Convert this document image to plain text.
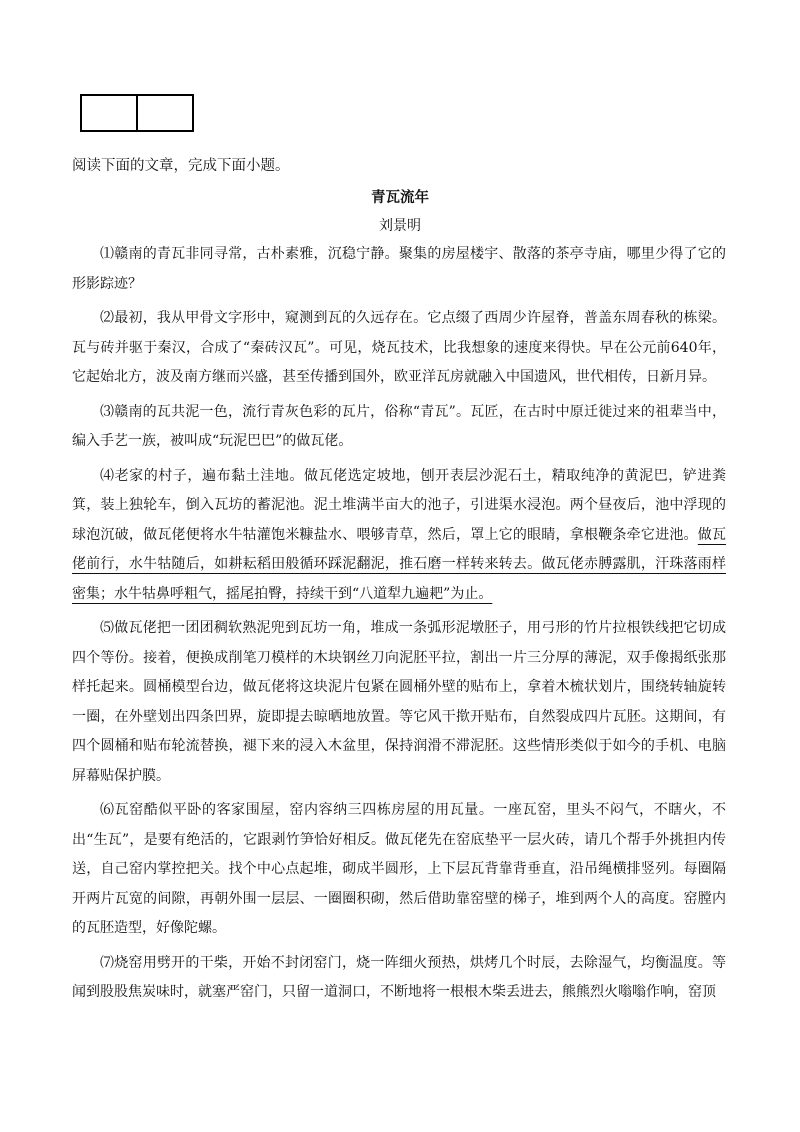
阅读下面的文章，完成下面小题。
青瓦流年
刘景明

⑴赣南的青瓦非同寻常，古朴素雅，沉稳宁静。聚集的房屋楼宇、散落的茶亭寺庙，哪里少得了它的形影踪迹？

⑵最初，我从甲骨文字形中，窥测到瓦的久远存在。它点缀了西周少许屋脊，普盖东周春秋的栋梁。瓦与砖并驱于秦汉，合成了“秦砖汉瓦”。可见，烧瓦技术，比我想象的速度来得快。早在公元前640年，它起始北方，波及南方继而兴盛，甚至传播到国外，欧亚洋瓦房就融入中国遗风，世代相传，日新月异。

⑶赣南的瓦共泥一色，流行青灰色彩的瓦片，俗称“青瓦”。瓦匠，在古时中原迁徙过来的祖辈当中，编入手艺一族，被叫成“玩泥巴巴”的做瓦佬。

⑷老家的村子，遍布黏土洼地。做瓦佬选定坡地，刨开表层沙泥石土，精取纯净的黄泥巴，铲进粪箕，装上独轮车，倒入瓦坊的蓄泥池。泥土堆满半亩大的池子，引进渠水浸泡。两个昼夜后，池中浮现的球泡沉破，做瓦佬便将水牛牯灌饱米糠盐水、喂够青草，然后，罩上它的眼睛，拿根鞭条牵它进池。做瓦佬前行，水牛牯随后，如耕耘稻田般循环踩泥翻泥，推石磨一样转来转去。做瓦佬赤膊露肌，汗珠落雨样密集；水牛牯鼻呼粗气，摇尾拍臀，持续干到“八道犁九遍耙”为止。

⑸做瓦佬把一团团稠软熟泥兜到瓦坊一角，堆成一条弧形泥墩胚子，用弓形的竹片拉根铁线把它切成四个等份。接着，便换成削笔刀模样的木块钢丝刀向泥胚平拉，割出一片三分厚的薄泥，双手像揭纸张那样托起来。圆桶模型台边，做瓦佬将这块泥片包紧在圆桶外壁的贴布上，拿着木梳状划片，围绕转轴旋转一圈，在外壁划出四条凹界，旋即提去晾晒地放置。等它风干揿开贴布，自然裂成四片瓦胚。这期间，有四个圆桶和贴布轮流替换，褪下来的浸入木盆里，保持润滑不滞泥胚。这些情形类似于如今的手机、电脑屏幕贴保护膜。

⑹瓦窑酷似平卧的客家围屋，窑内容纳三四栋房屋的用瓦量。一座瓦窑，里头不闷气，不瞎火，不出“生瓦”，是要有绝活的，它跟剥竹笋恰好相反。做瓦佬先在窑底垫平一层火砖，请几个帮手外挑担内传送，自己窑内掌控把关。找个中心点起堆，砌成半圆形，上下层瓦背靠背垂直，沿吊绳横排竖列。每圈隔开两片瓦宽的间隙，再朝外围一层层、一圈圈积砌，然后借助靠窑壁的梯子，堆到两个人的高度。窑膛内的瓦胚造型，好像陀螺。

⑺烧窑用劈开的干柴，开始不封闭窑门，烧一阵细火预热，烘烤几个时辰，去除湿气，均衡温度。等闻到股股焦炭味时，就塞严窑门，只留一道洞口，不断地将一根根木柴丢进去，熊熊烈火嗡嗡作响，窑顶
